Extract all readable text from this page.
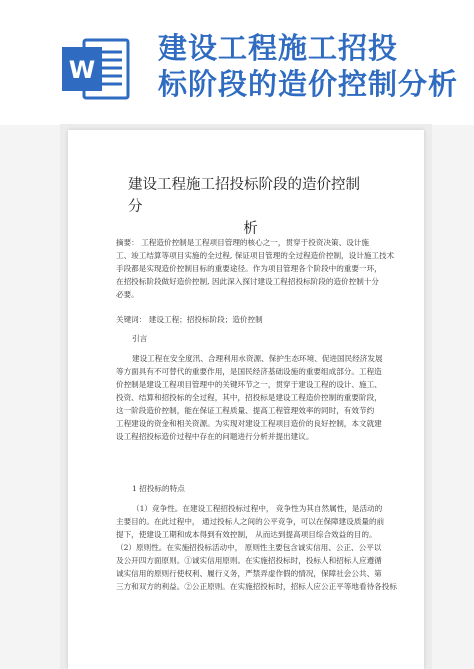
W
建设工程施工招投
标阶段的造价控制分析
建设工程施工招投标阶段的造价控制分
析

摘要： 工程造价控制是工程项目管理的核心之一，贯穿于投资决策、设计施

工、竣工结算等项目实施的全过程, 保证项目管理的全过程造价控制，设计施工技术

手段都是实现造价控制目标的重要途径。作为项目管理各个阶段中的重要一环，

在招投标阶段做好造价控制, 因此深入探讨建设工程招投标阶段的造价控制十分

必要。

关键词： 建设工程；招投标阶段；造价控制

引言

建设工程在安全度汛、合理利用水资源、保护生态环境、促进国民经济发展

等方面具有不可替代的重要作用，是国民经济基础设施的重要组成部分。工程造

价控制是建设工程项目管理中的关键环节之一，贯穿于建设工程的设计、施工、

投资、结算和招投标的全过程，其中，招投标是建设工程造价控制的重要阶段，

这一阶段造价控制，能在保证工程质量、提高工程管理效率的同时，有效节约

工程建设的资金和相关资源。为实现对建设工程项目造价的良好控制，本文就建

设工程招投标造价过程中存在的问题进行分析并提出建议。

1 招投标的特点

（1）竞争性。在建设工程招投标过程中， 竞争性为其自然属性，是活动的

主要目的。在此过程中， 通过投标人之间的公平竞争，可以在保障建设质量的前

提下，使建设工期和成本得到有效控制， 从而达到提高项目综合效益的目的。

（2）原则性。在实施招投标活动中， 原则性主要包含诚实信用、公正、公平以

及公开四方面原则。①诚实信用原则。在实施招投标时，投标人和招标人应遵循

诚实信用的原则行使权利、履行义务，严禁弄虚作假的情况，保障社会公共、第

三方和双方的利益。②公正原则。在实施招投标时，招标人应公正平等地看待各投标
